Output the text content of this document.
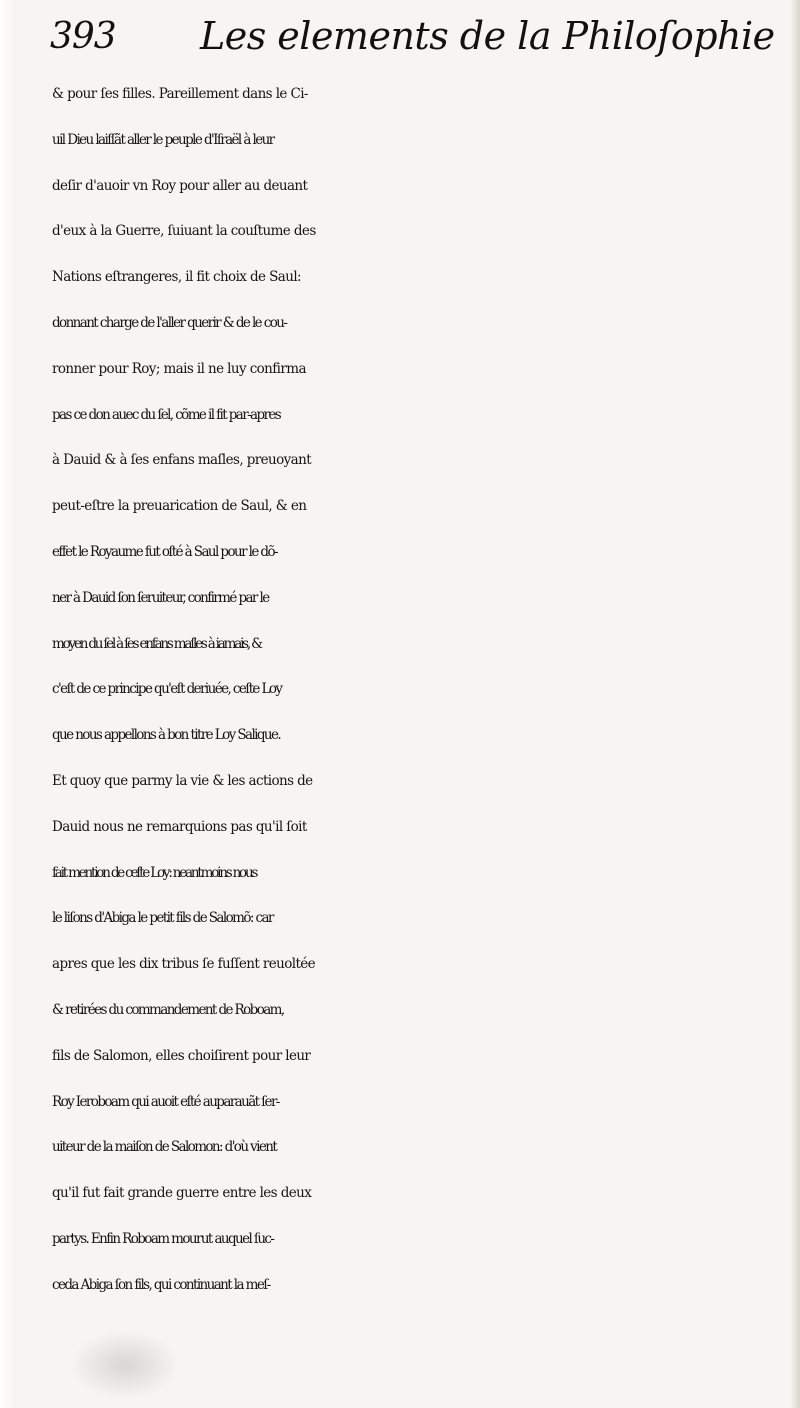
393 Les elements de la Philoſophie
& pour ſes filles. Pareillement dans le Ci-
uil Dieu laiſſãt aller le peuple d'Iſraël à leur
deſir d'auoir vn Roy pour aller au deuant
d'eux à la Guerre, ſuiuant la couſtume des
Nations eſtrangeres, il fit choix de Saul:
donnant charge de l'aller querir & de le cou-
ronner pour Roy; mais il ne luy confirma
pas ce don auec du ſel, cõme il fit par-apres
à Dauid & à ſes enfans maſles, preuoyant
peut-eſtre la preuarication de Saul, & en
effet le Royaume fut oſté à Saul pour le dõ-
ner à Dauid ſon ſeruiteur, confirmé par le
moyen du ſel à ſes enfans maſles à iamais, &
c'eſt de ce principe qu'eſt deriuée, ceſte Loy
que nous appellons à bon titre Loy Salique.
Et quoy que parmy la vie & les actions de
Dauid nous ne remarquions pas qu'il ſoit
fait mention de ceſte Loy: neantmoins nous
le liſons d'Abiga le petit fils de Salomõ: car
apres que les dix tribus ſe fuſſent reuoltée
& retirées du commandement de Roboam,
fils de Salomon, elles choiſirent pour leur
Roy Ieroboam qui auoit eſté auparauãt ſer-
uiteur de la maiſon de Salomon: d'où vient
qu'il fut fait grande guerre entre les deux
partys. Enfin Roboam mourut auquel ſuc-
ceda Abiga ſon fils, qui continuant la meſ-
